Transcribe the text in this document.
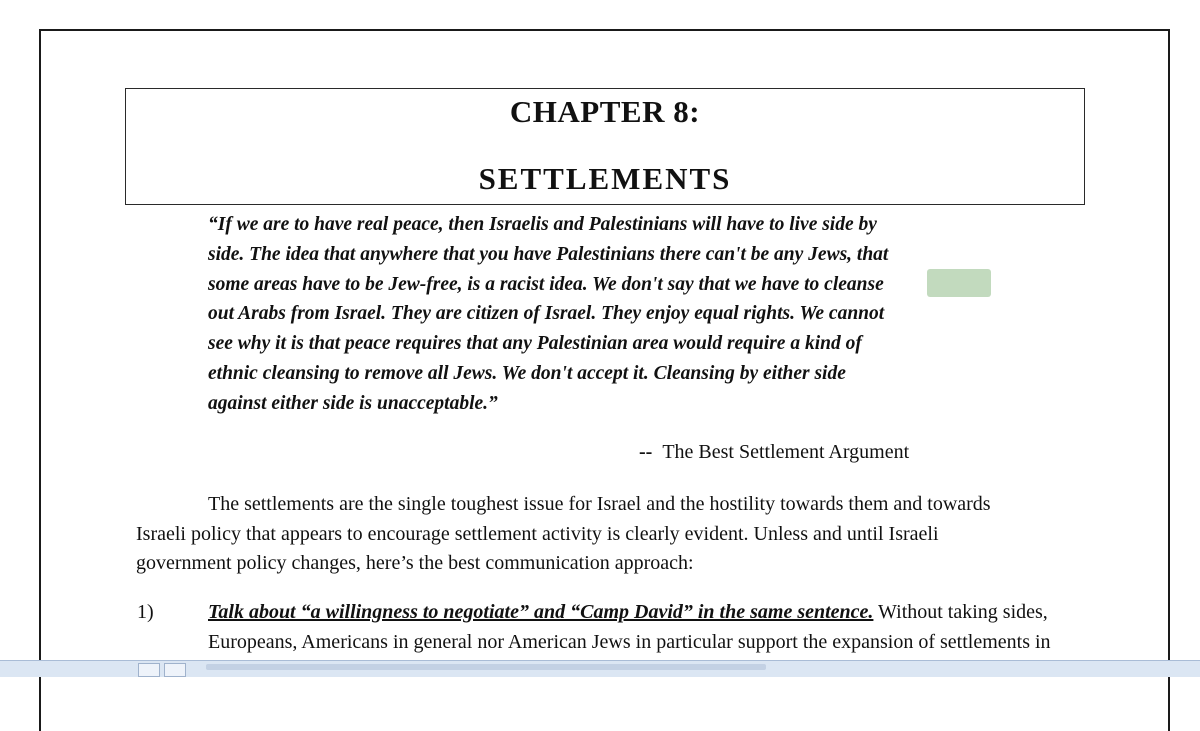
CHAPTER 8:
SETTLEMENTS
“If we are to have real peace, then Israelis and Palestinians will have to live side by
side. The idea that anywhere that you have Palestinians there can't be any Jews, that
some areas have to be Jew-free, is a racist idea. We don't say that we have to cleanse
out Arabs from Israel. They are citizen of Israel. They enjoy equal rights. We cannot
see why it is that peace requires that any Palestinian area would require a kind of
ethnic cleansing to remove all Jews. We don't accept it. Cleansing by either side
against either side is unacceptable.”
-- The Best Settlement Argument
The settlements are the single toughest issue for Israel and the hostility towards them and towards
Israeli policy that appears to encourage settlement activity is clearly evident. Unless and until Israeli
government policy changes, here’s the best communication approach:
1)	Talk about “a willingness to negotiate” and “Camp David” in the same sentence. Without taking sides,
Europeans, Americans in general nor American Jews in particular support the expansion of settlements in
